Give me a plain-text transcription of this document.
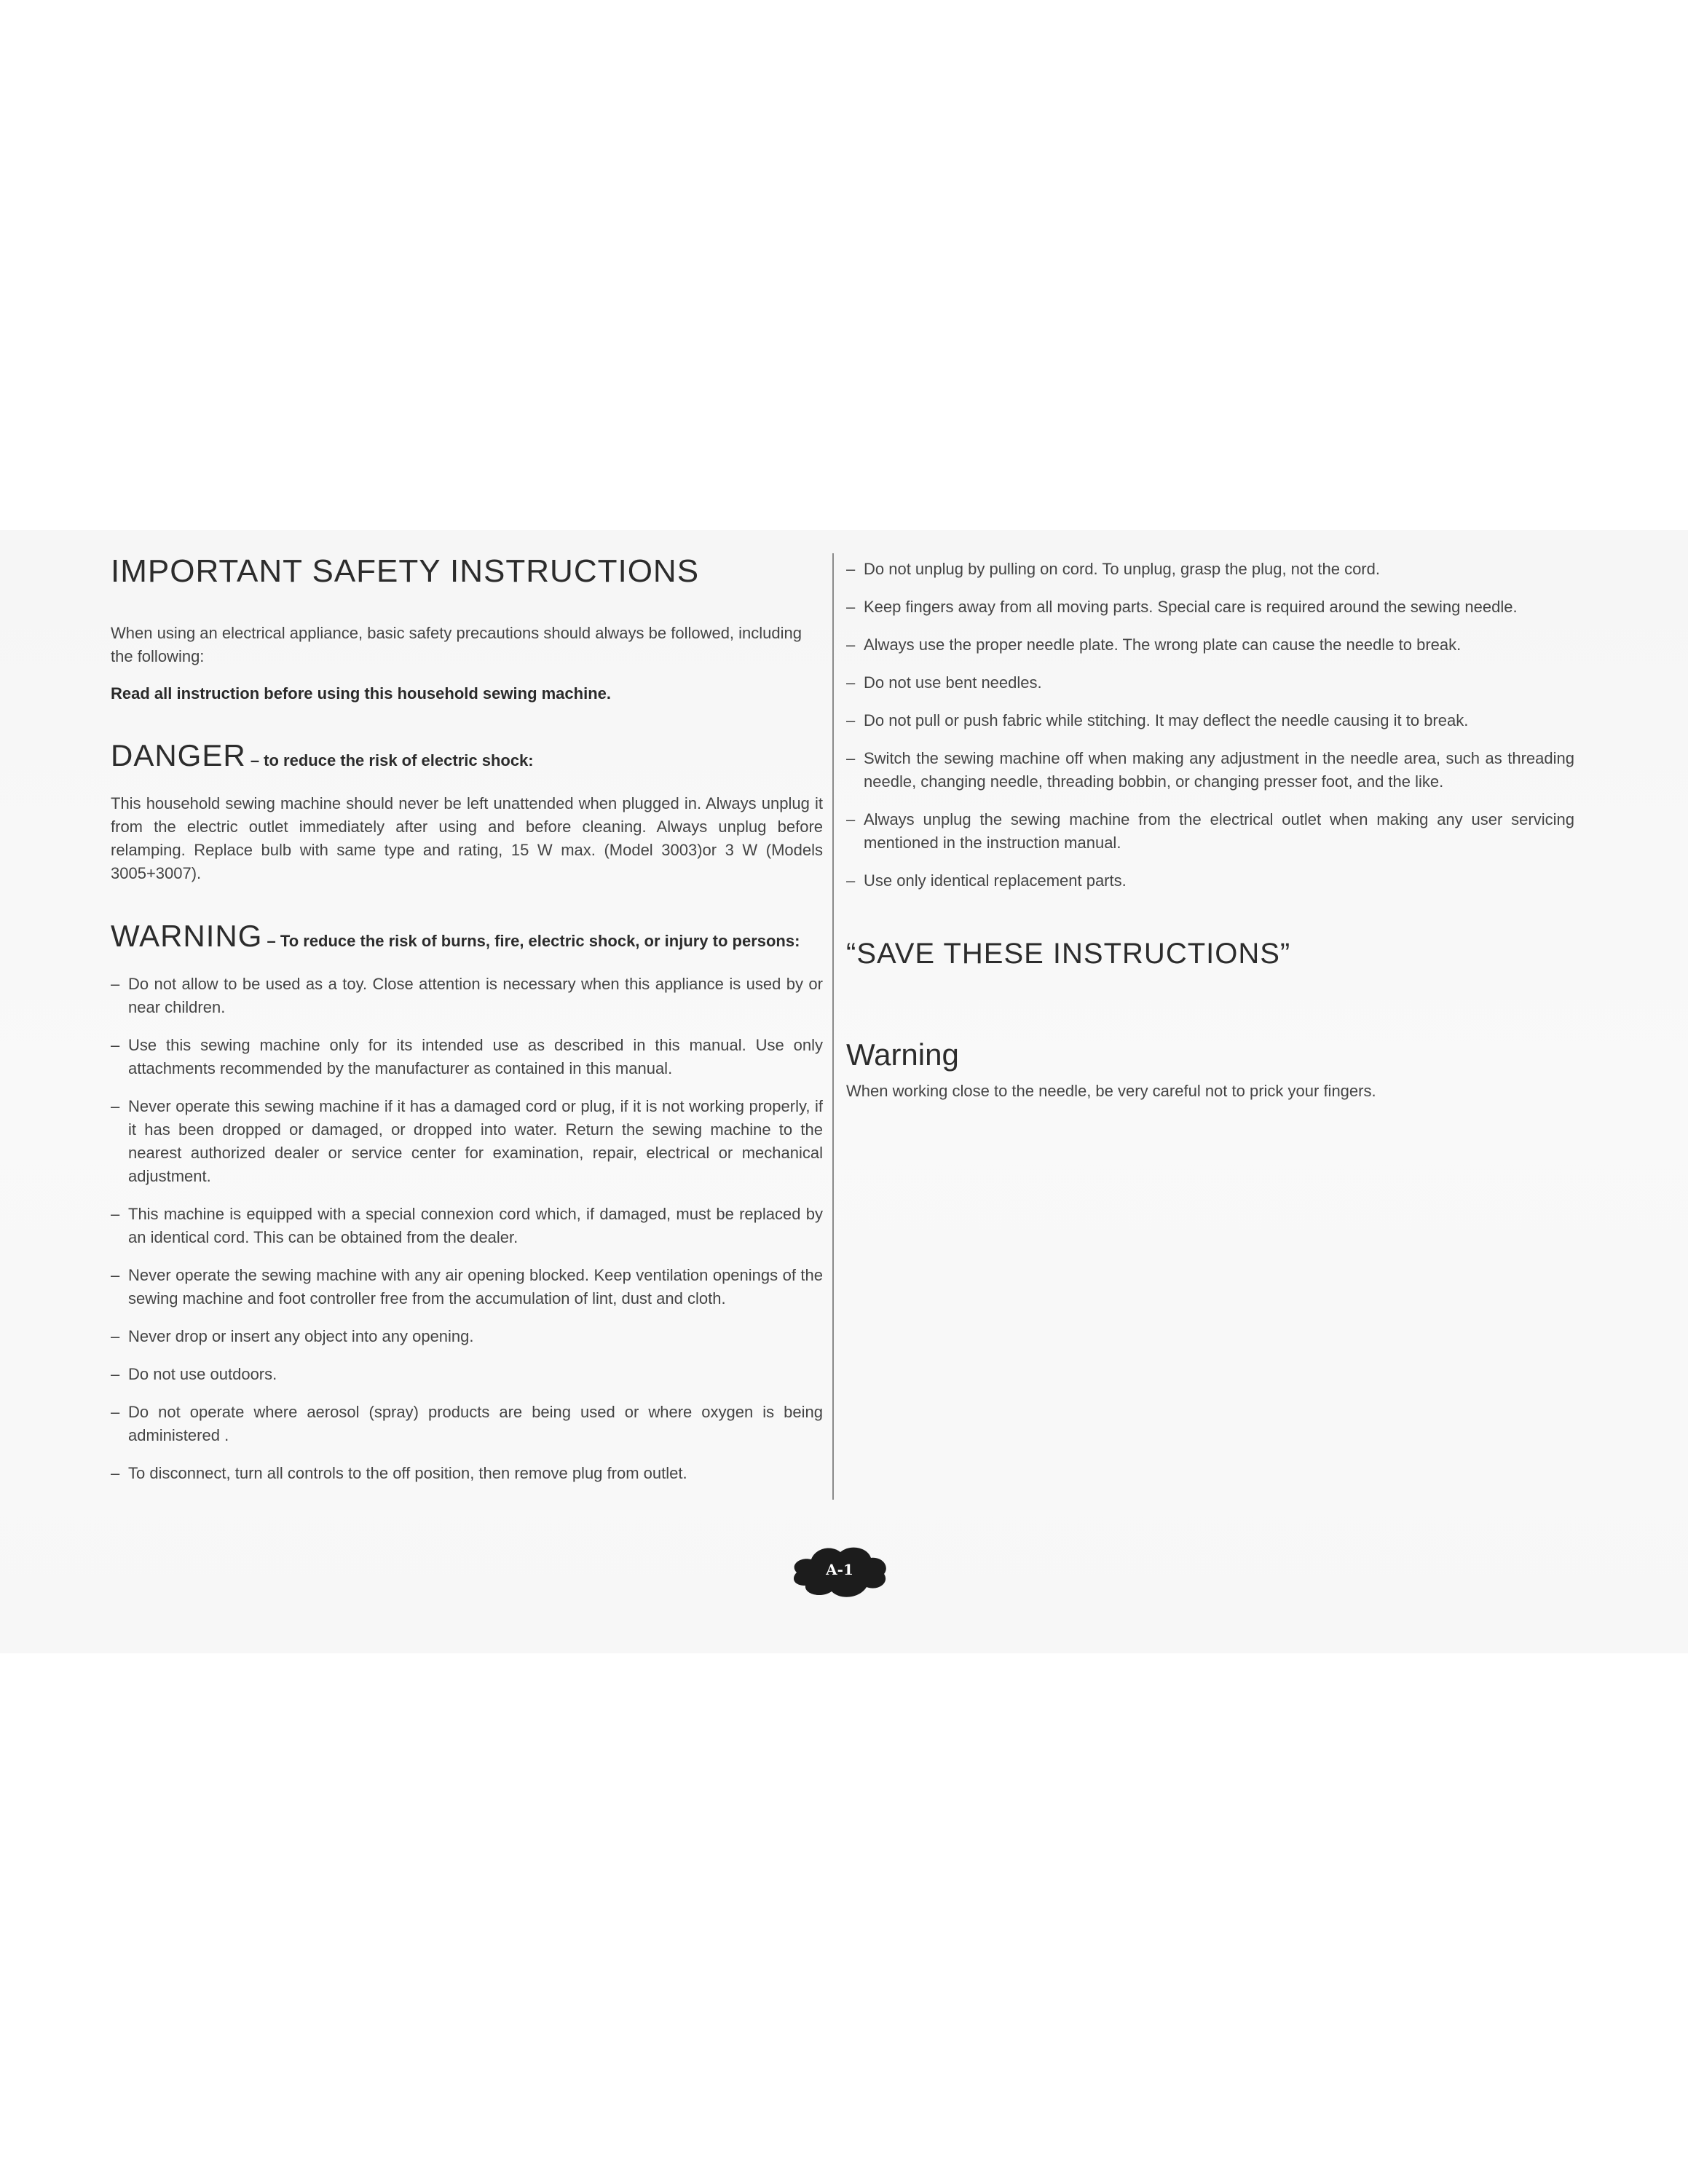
IMPORTANT SAFETY INSTRUCTIONS

When using an electrical appliance, basic safety precautions should always be followed, including the following:

Read all instruction before using this household sewing machine.

DANGER – to reduce the risk of electric shock:

This household sewing machine should never be left unattended when plugged in. Always unplug it from the electric outlet immediately after using and before cleaning. Always unplug before relamping. Replace bulb with same type and rating, 15 W max. (Model 3003)or 3 W (Models 3005+3007).

WARNING – To reduce the risk of burns, fire, electric shock, or injury to persons:
– Do not allow to be used as a toy. Close attention is necessary when this appliance is used by or near children.
– Use this sewing machine only for its intended use as described in this manual. Use only attachments recommended by the manufacturer as contained in this manual.
– Never operate this sewing machine if it has a damaged cord or plug, if it is not working properly, if it has been dropped or damaged, or dropped into water. Return the sewing machine to the nearest authorized dealer or service center for examination, repair, electrical or mechanical adjustment.
– This machine is equipped with a special connexion cord which, if damaged, must be replaced by an identical cord. This can be obtained from the dealer.
– Never operate the sewing machine with any air opening blocked. Keep ventilation openings of the sewing machine and foot controller free from the accumulation of lint, dust and cloth.
– Never drop or insert any object into any opening.
– Do not use outdoors.
– Do not operate where aerosol (spray) products are being used or where oxygen is being administered .
– To disconnect, turn all controls to the off position, then remove plug from outlet.
– Do not unplug by pulling on cord. To unplug, grasp the plug, not the cord.
– Keep fingers away from all moving parts. Special care is required around the sewing needle.
– Always use the proper needle plate. The wrong plate can cause the needle to break.
– Do not use bent needles.
– Do not pull or push fabric while stitching. It may deflect the needle causing it to break.
– Switch the sewing machine off when making any adjustment in the needle area, such as threading needle, changing needle, threading bobbin, or changing presser foot, and the like.
– Always unplug the sewing machine from the electrical outlet when making any user servicing mentioned in the instruction manual.
– Use only identical replacement parts.
“SAVE THESE INSTRUCTIONS”
Warning

When working close to the needle, be very careful not to prick your fingers.

A-1
